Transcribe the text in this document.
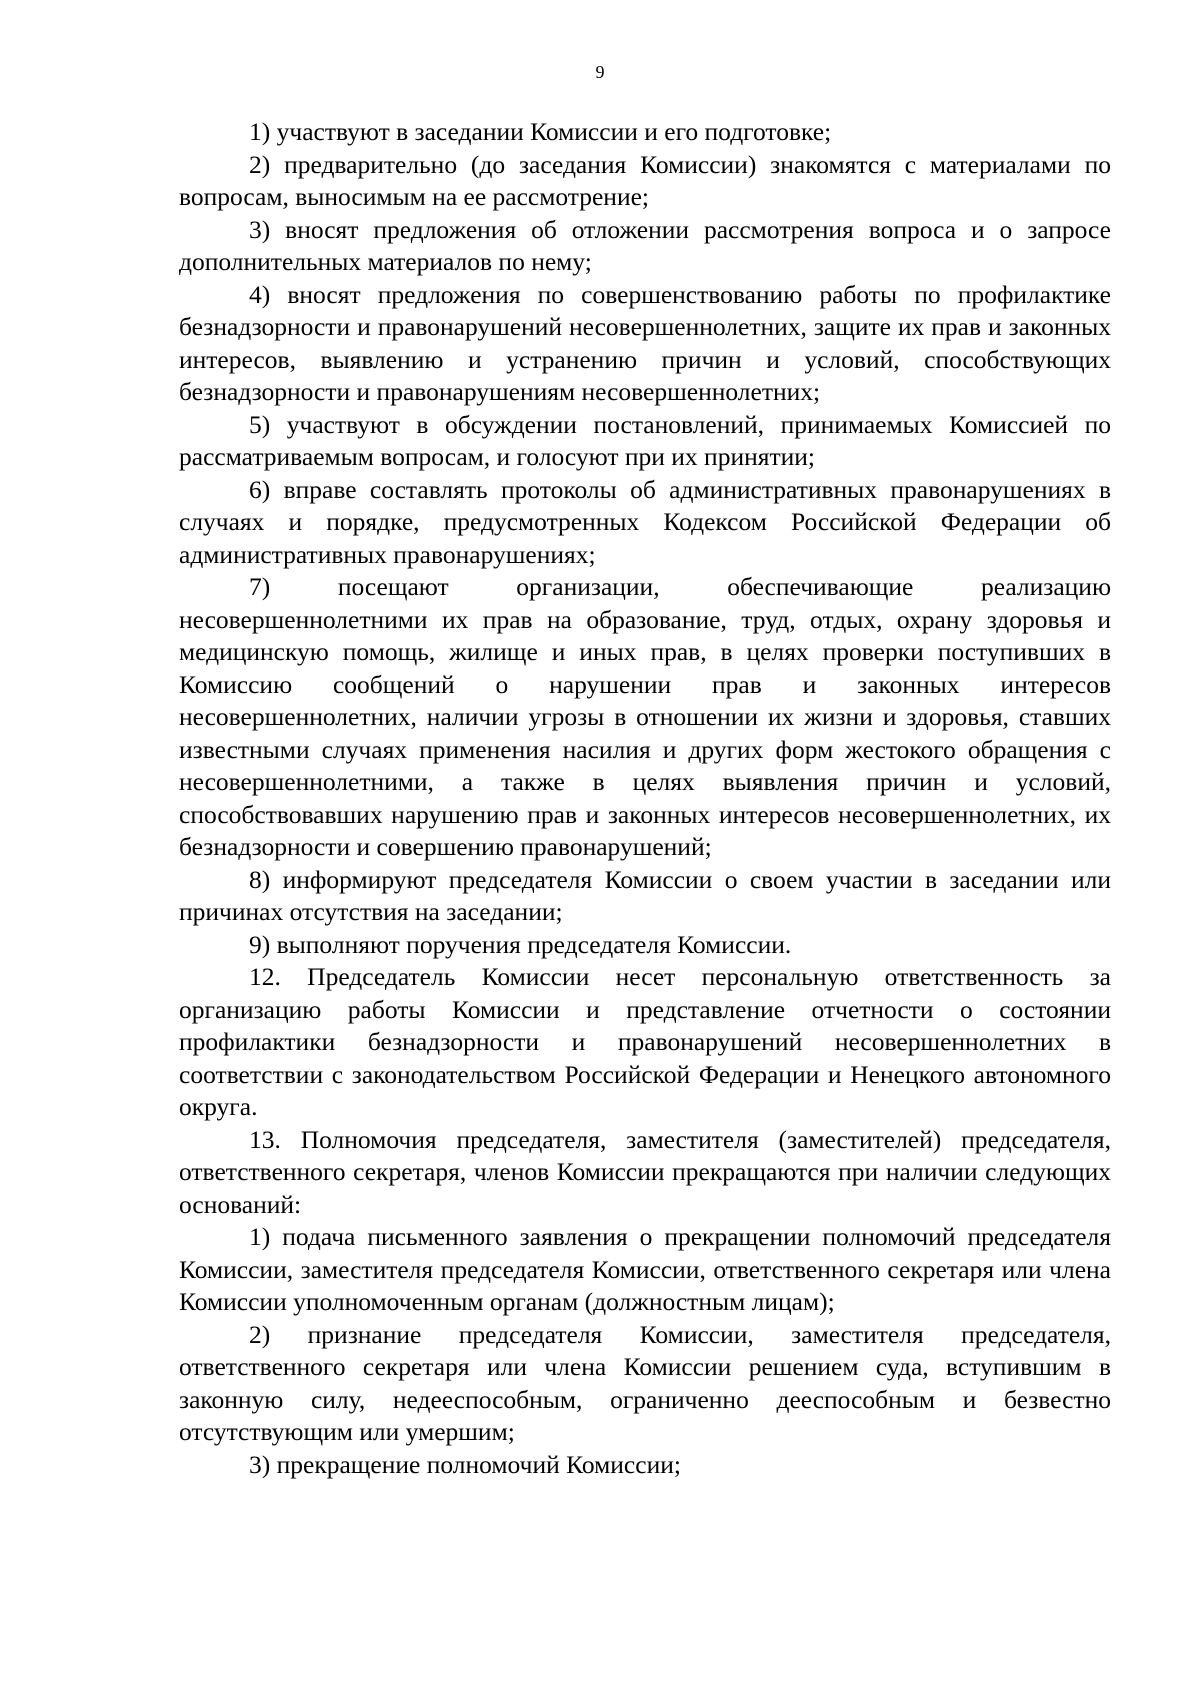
9

1) участвуют в заседании Комиссии и его подготовке;

2) предварительно (до заседания Комиссии) знакомятся с материалами по вопросам, выносимым на ее рассмотрение;

3) вносят предложения об отложении рассмотрения вопроса и о запросе дополнительных материалов по нему;

4) вносят предложения по совершенствованию работы по профилактике безнадзорности и правонарушений несовершеннолетних, защите их прав и законных интересов, выявлению и устранению причин и условий, способствующих безнадзорности и правонарушениям несовершеннолетних;

5) участвуют в обсуждении постановлений, принимаемых Комиссией по рассматриваемым вопросам, и голосуют при их принятии;

6) вправе составлять протоколы об административных правонарушениях в случаях и порядке, предусмотренных Кодексом Российской Федерации об административных правонарушениях;

7) посещают организации, обеспечивающие реализацию несовершеннолетними их прав на образование, труд, отдых, охрану здоровья и медицинскую помощь, жилище и иных прав, в целях проверки поступивших в Комиссию сообщений о нарушении прав и законных интересов несовершеннолетних, наличии угрозы в отношении их жизни и здоровья, ставших известными случаях применения насилия и других форм жестокого обращения с несовершеннолетними, а также в целях выявления причин и условий, способствовавших нарушению прав и законных интересов несовершеннолетних, их безнадзорности и совершению правонарушений;

8) информируют председателя Комиссии о своем участии в заседании или причинах отсутствия на заседании;

9) выполняют поручения председателя Комиссии.

12. Председатель Комиссии несет персональную ответственность за организацию работы Комиссии и представление отчетности о состоянии профилактики безнадзорности и правонарушений несовершеннолетних в соответствии с законодательством Российской Федерации и Ненецкого автономного округа.

13. Полномочия председателя, заместителя (заместителей) председателя, ответственного секретаря, членов Комиссии прекращаются при наличии следующих оснований:

1) подача письменного заявления о прекращении полномочий председателя Комиссии, заместителя председателя Комиссии, ответственного секретаря или члена Комиссии уполномоченным органам (должностным лицам);

2) признание председателя Комиссии, заместителя председателя, ответственного секретаря или члена Комиссии решением суда, вступившим в законную силу, недееспособным, ограниченно дееспособным и безвестно отсутствующим или умершим;

3) прекращение полномочий Комиссии;
